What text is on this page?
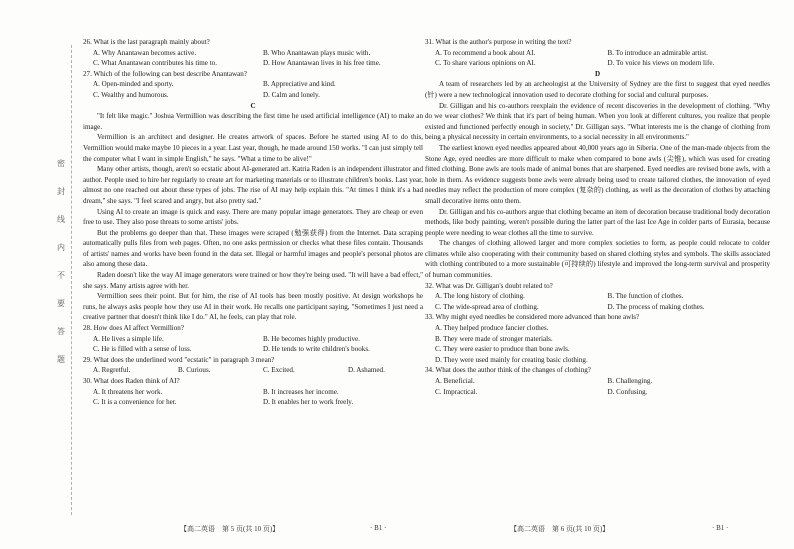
密
封
线
内
不
要
答
题

26. What is the last paragraph mainly about?

A. Why Anantawan becomes active.	B. Who Anantawan plays music with.
C. What Anantawan contributes his time to.	D. How Anantawan lives in his free time.

27. Which of the following can best describe Anantawan?

A. Open-minded and sporty.	B. Appreciative and kind.
C. Wealthy and humorous.	D. Calm and lonely.

C

"It felt like magic." Joshua Vermillion was describing the first time he used artificial intelligence (AI) to make an image.

Vermillion is an architect and designer. He creates artwork of spaces. Before he started using AI to do this, Vermillion would make maybe 10 pieces in a year. Last year, though, he made around 150 works. "I can just simply tell the computer what I want in simple English," he says. "What a time to be alive!"

Many other artists, though, aren't so ecstatic about AI-generated art. Katria Raden is an independent illustrator and author. People used to hire her regularly to create art for marketing materials or to illustrate children's books. Last year, almost no one reached out about these types of jobs. The rise of AI may help explain this. "At times I think it's a bad dream," she says. "I feel scared and angry, but also pretty sad."

Using AI to create an image is quick and easy. There are many popular image generators. They are cheap or even free to use. They also pose threats to some artists' jobs.

But the problems go deeper than that. These images were scraped (勉强获得) from the Internet. Data scraping automatically pulls files from web pages. Often, no one asks permission or checks what these files contain. Thousands of artists' names and works have been found in the data set. Illegal or harmful images and people's personal photos are also among these data.

Raden doesn't like the way AI image generators were trained or how they're being used. "It will have a bad effect," she says. Many artists agree with her.

Vermillion sees their point. But for him, the rise of AI tools has been mostly positive. At design workshops he runs, he always asks people how they use AI in their work. He recalls one participant saying, "Sometimes I just need a creative partner that doesn't think like I do." AI, he feels, can play that role.

28. How does AI affect Vermillion?

A. He lives a simple life.	B. He becomes highly productive.
C. He is filled with a sense of loss.	D. He tends to write children's books.

29. What does the underlined word "ecstatic" in paragraph 3 mean?

A. Regretful.	B. Curious.	C. Excited.	D. Ashamed.

30. What does Raden think of AI?

A. It threatens her work.	B. It increases her income.
C. It is a convenience for her.	D. It enables her to work freely.

31. What is the author's purpose in writing the text?

A. To recommend a book about AI.	B. To introduce an admirable artist.
C. To share various opinions on AI.	D. To voice his views on modern life.

D

A team of researchers led by an archeologist at the University of Sydney are the first to suggest that eyed needles (针) were a new technological innovation used to decorate clothing for social and cultural purposes.

Dr. Gilligan and his co-authors reexplain the evidence of recent discoveries in the development of clothing. "Why do we wear clothes? We think that it's part of being human. When you look at different cultures, you realize that people existed and functioned perfectly enough in society," Dr. Gilligan says. "What interests me is the change of clothing from being a physical necessity in certain environments, to a social necessity in all environments."

The earliest known eyed needles appeared about 40,000 years ago in Siberia. One of the man-made objects from the Stone Age, eyed needles are more difficult to make when compared to bone awls (尖锥), which was used for creating fitted clothing. Bone awls are tools made of animal bones that are sharpened. Eyed needles are revised bone awls, with a hole in them. As evidence suggests bone awls were already being used to create tailored clothes, the innovation of eyed needles may reflect the production of more complex (复杂的) clothing, as well as the decoration of clothes by attaching small decorative items onto them.

Dr. Gilligan and his co-authors argue that clothing became an item of decoration because traditional body decoration methods, like body painting, weren't possible during the latter part of the last Ice Age in colder parts of Eurasia, because people were needing to wear clothes all the time to survive.

The changes of clothing allowed larger and more complex societies to form, as people could relocate to colder climates while also cooperating with their community based on shared clothing styles and symbols. The skills associated with clothing contributed to a more sustainable (可持续的) lifestyle and improved the long-term survival and prosperity of human communities.

32. What was Dr. Gilligan's doubt related to?

A. The long history of clothing.	B. The function of clothes.
C. The wide-spread area of clothing.	D. The process of making clothes.

33. Why might eyed needles be considered more advanced than bone awls?

A. They helped produce fancier clothes.

B. They were made of stronger materials.

C. They were easier to produce than bone awls.

D. They were used mainly for creating basic clothing.

34. What does the author think of the changes of clothing?

A. Beneficial.	B. Challenging.
C. Impractical.	D. Confusing.
【高二英语　第 5 页(共 10 页)】	· B1 ·	【高二英语　第 6 页(共 10 页)】	· B1 ·
